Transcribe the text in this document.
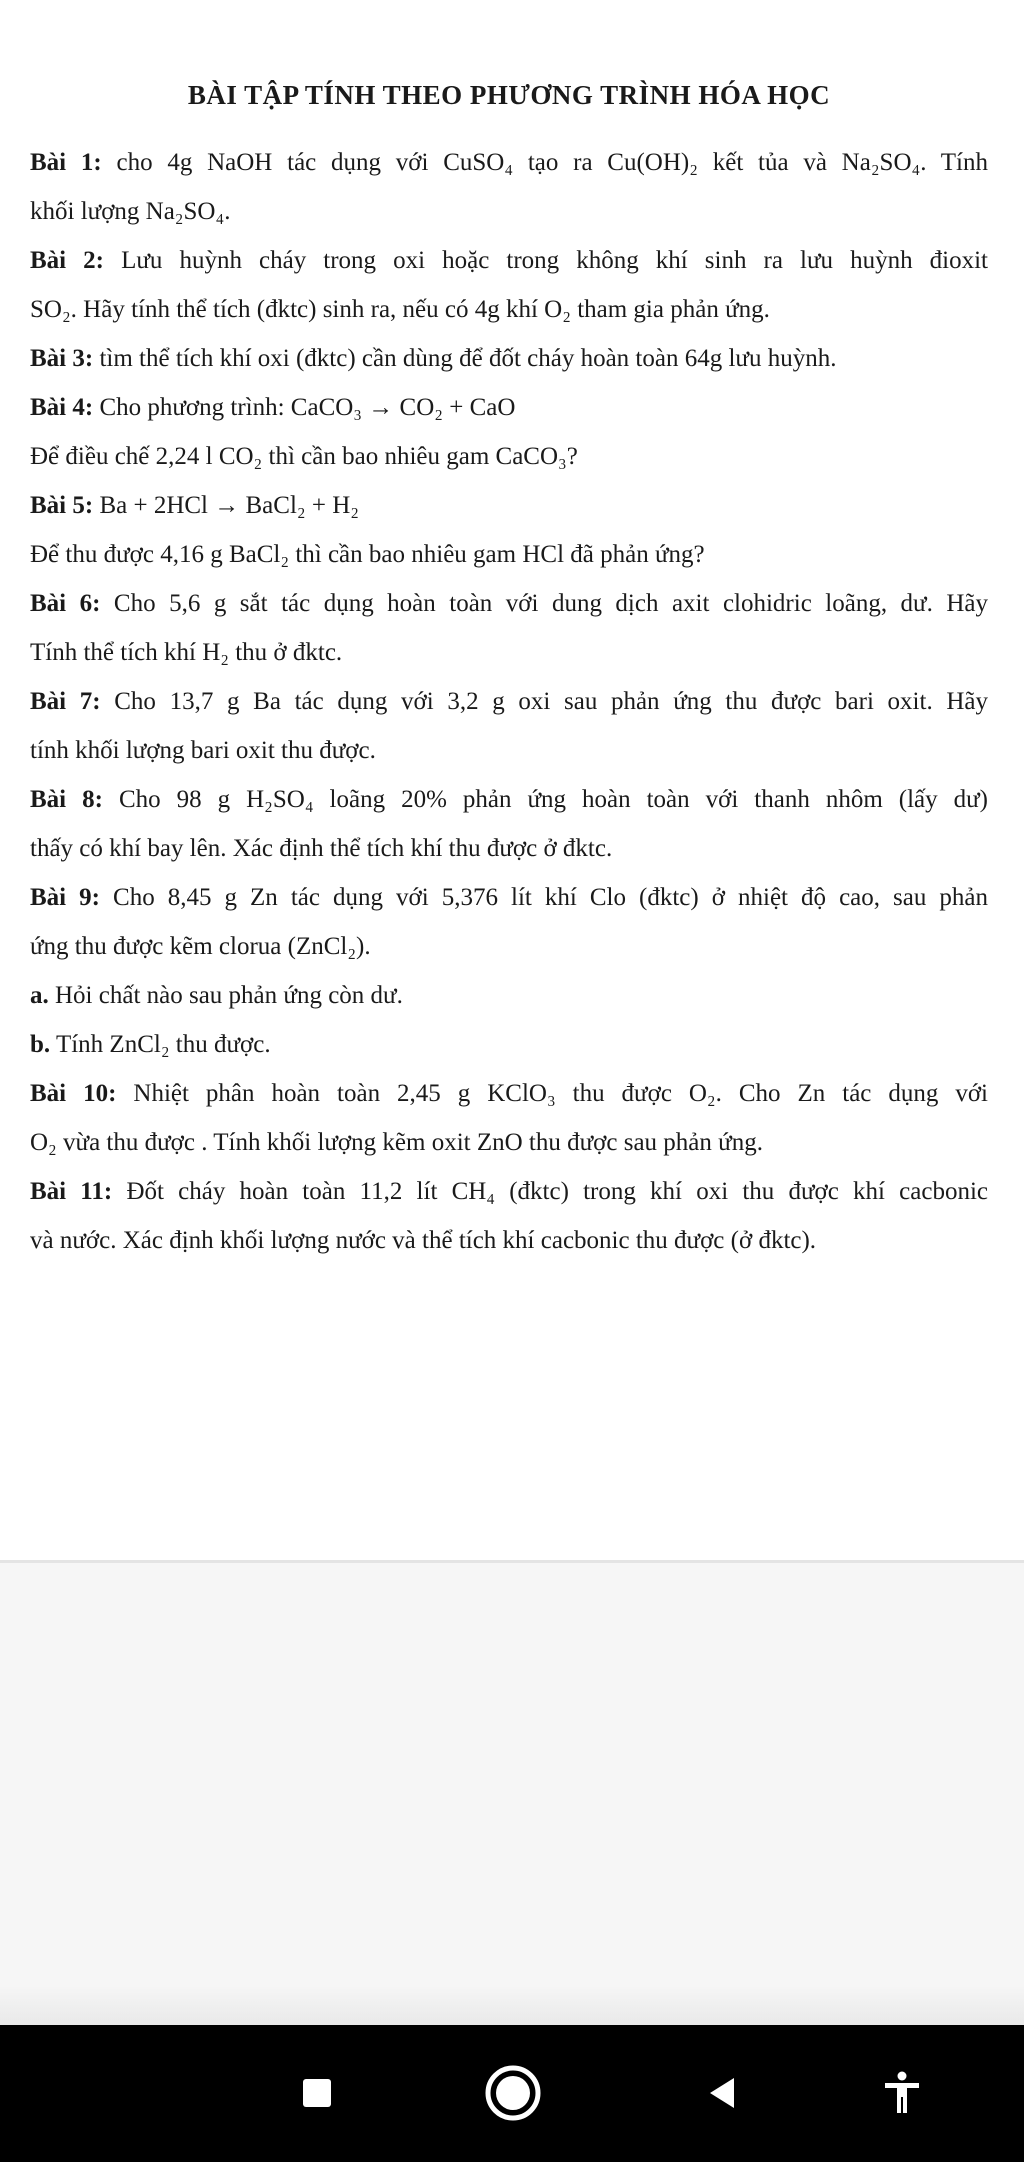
BÀI TẬP TÍNH THEO PHƯƠNG TRÌNH HÓA HỌC
Bài 1: cho 4g NaOH tác dụng với CuSO₄ tạo ra Cu(OH)₂ kết tủa và Na₂SO₄. Tính
khối lượng Na₂SO₄.
Bài 2: Lưu huỳnh cháy trong oxi hoặc trong không khí sinh ra lưu huỳnh đioxit
SO₂. Hãy tính thể tích (đktc) sinh ra, nếu có 4g khí O₂ tham gia phản ứng.
Bài 3: tìm thể tích khí oxi (đktc) cần dùng để đốt cháy hoàn toàn 64g lưu huỳnh.
Bài 4: Cho phương trình: CaCO₃ → CO₂ + CaO
Để điều chế 2,24 l CO₂ thì cần bao nhiêu gam CaCO₃?
Bài 5: Ba + 2HCl → BaCl₂ + H₂
Để thu được 4,16 g BaCl₂ thì cần bao nhiêu gam HCl đã phản ứng?
Bài 6: Cho 5,6 g sắt tác dụng hoàn toàn với dung dịch axit clohidric loãng, dư. Hãy
Tính thể tích khí H₂ thu ở đktc.
Bài 7: Cho 13,7 g Ba tác dụng với 3,2 g oxi sau phản ứng thu được bari oxit. Hãy
tính khối lượng bari oxit thu được.
Bài 8: Cho 98 g H₂SO₄ loãng 20% phản ứng hoàn toàn với thanh nhôm (lấy dư)
thấy có khí bay lên. Xác định thể tích khí thu được ở đktc.
Bài 9: Cho 8,45 g Zn tác dụng với 5,376 lít khí Clo (đktc) ở nhiệt độ cao, sau phản
ứng thu được kẽm clorua (ZnCl₂).
a. Hỏi chất nào sau phản ứng còn dư.
b. Tính ZnCl₂ thu được.
Bài 10: Nhiệt phân hoàn toàn 2,45 g KClO₃ thu được O₂. Cho Zn tác dụng với
O₂ vừa thu được . Tính khối lượng kẽm oxit ZnO thu được sau phản ứng.
Bài 11: Đốt cháy hoàn toàn 11,2 lít CH₄ (đktc) trong khí oxi thu được khí cacbonic
và nước. Xác định khối lượng nước và thể tích khí cacbonic thu được (ở đktc).
